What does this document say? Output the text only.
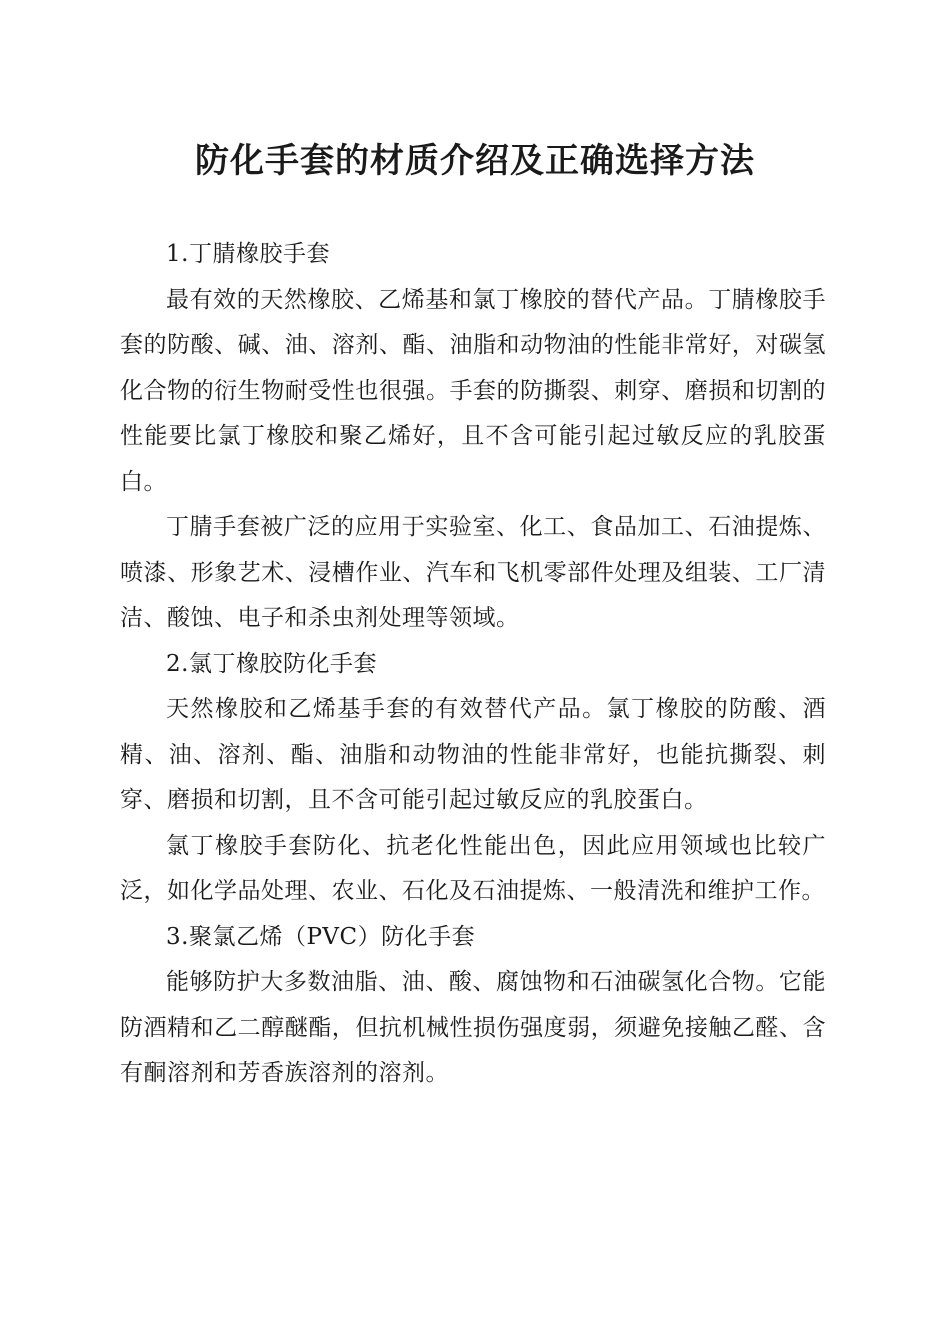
防化手套的材质介绍及正确选择方法

1.丁腈橡胶手套

最有效的天然橡胶、乙烯基和氯丁橡胶的替代产品。丁腈橡胶手套的防酸、碱、油、溶剂、酯、油脂和动物油的性能非常好，对碳氢化合物的衍生物耐受性也很强。手套的防撕裂、刺穿、磨损和切割的性能要比氯丁橡胶和聚乙烯好，且不含可能引起过敏反应的乳胶蛋白。

丁腈手套被广泛的应用于实验室、化工、食品加工、石油提炼、喷漆、形象艺术、浸槽作业、汽车和飞机零部件处理及组装、工厂清洁、酸蚀、电子和杀虫剂处理等领域。

2.氯丁橡胶防化手套

天然橡胶和乙烯基手套的有效替代产品。氯丁橡胶的防酸、酒精、油、溶剂、酯、油脂和动物油的性能非常好，也能抗撕裂、刺穿、磨损和切割，且不含可能引起过敏反应的乳胶蛋白。

氯丁橡胶手套防化、抗老化性能出色，因此应用领域也比较广泛，如化学品处理、农业、石化及石油提炼、一般清洗和维护工作。

3.聚氯乙烯（PVC）防化手套

能够防护大多数油脂、油、酸、腐蚀物和石油碳氢化合物。它能防酒精和乙二醇醚酯，但抗机械性损伤强度弱，须避免接触乙醛、含有酮溶剂和芳香族溶剂的溶剂。
